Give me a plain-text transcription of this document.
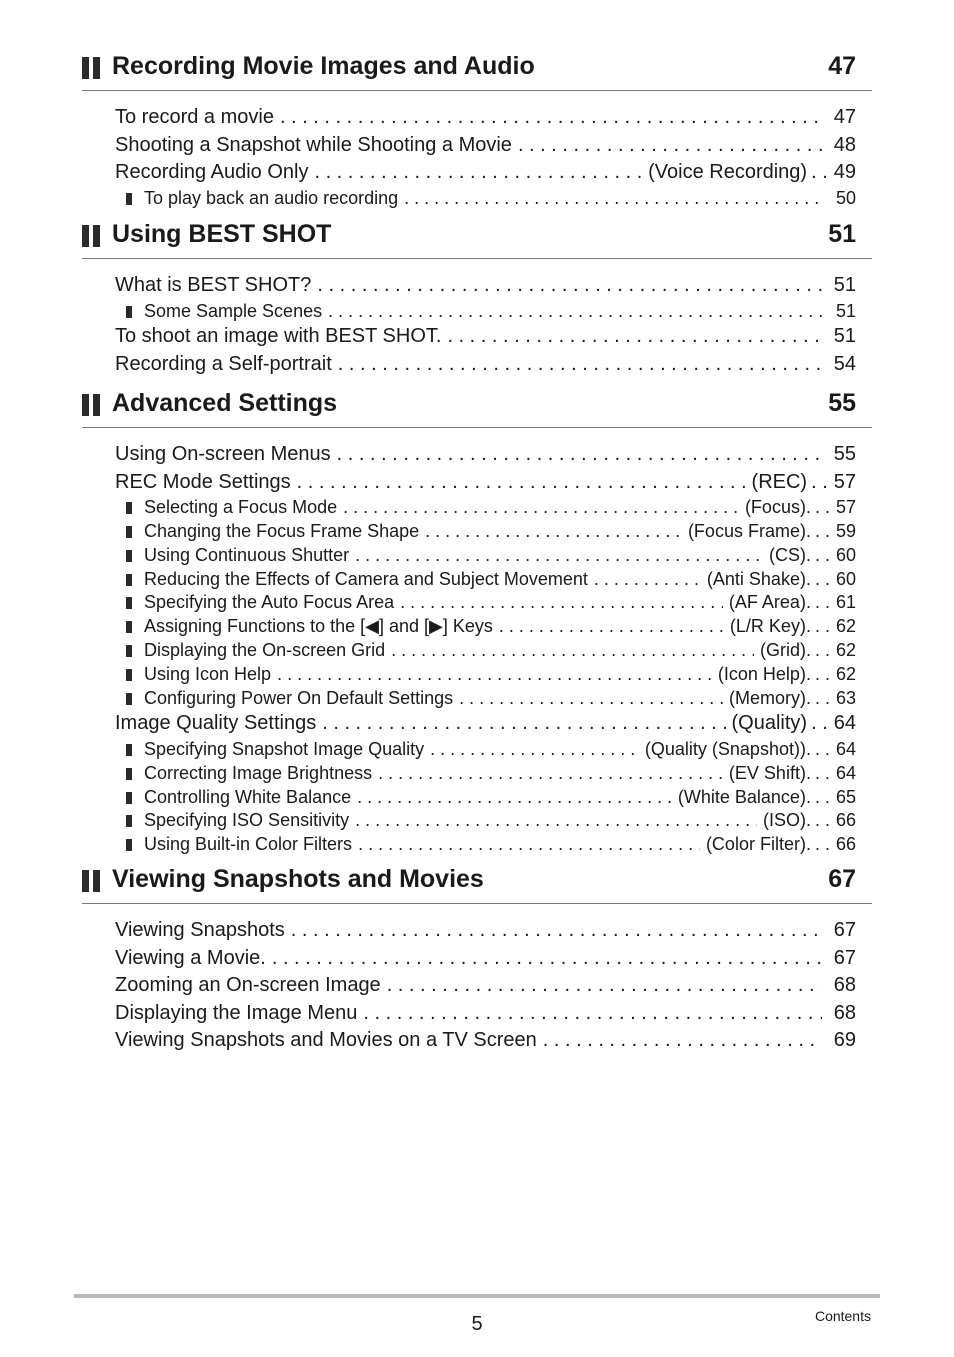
Recording Movie Images and Audio	47
To record a movie . . .	47
Shooting a Snapshot while Shooting a Movie . . .	48
Recording Audio Only . . .	(Voice Recording) . . 49
To play back an audio recording . . .	50
Using BEST SHOT	51
What is BEST SHOT? . . .	51
Some Sample Scenes . . .	51
To shoot an image with BEST SHOT. . . .	51
Recording a Self-portrait . . .	54
Advanced Settings	55
Using On-screen Menus . . .	55
REC Mode Settings . . .	(REC) . . 57
Selecting a Focus Mode . . .	(Focus). . . 57
Changing the Focus Frame Shape . . .	(Focus Frame). . . 59
Using Continuous Shutter . . .	(CS). . . 60
Reducing the Effects of Camera and Subject Movement . . .	(Anti Shake). . . 60
Specifying the Auto Focus Area . . .	(AF Area). . . 61
Assigning Functions to the [◀] and [▶] Keys . . .	(L/R Key). . . 62
Displaying the On-screen Grid . . .	(Grid). . . 62
Using Icon Help . . .	(Icon Help). . . 62
Configuring Power On Default Settings . . .	(Memory). . . 63
Image Quality Settings . . .	(Quality) . . 64
Specifying Snapshot Image Quality . . .	(Quality (Snapshot)). . . 64
Correcting Image Brightness . . .	(EV Shift). . . 64
Controlling White Balance . . .	(White Balance). . . 65
Specifying ISO Sensitivity . . .	(ISO). . . 66
Using Built-in Color Filters . . .	(Color Filter). . . 66
Viewing Snapshots and Movies	67
Viewing Snapshots . . .	67
Viewing a Movie. . . .	67
Zooming an On-screen Image . . .	68
Displaying the Image Menu . . .	68
Viewing Snapshots and Movies on a TV Screen . . .	69
5	Contents
